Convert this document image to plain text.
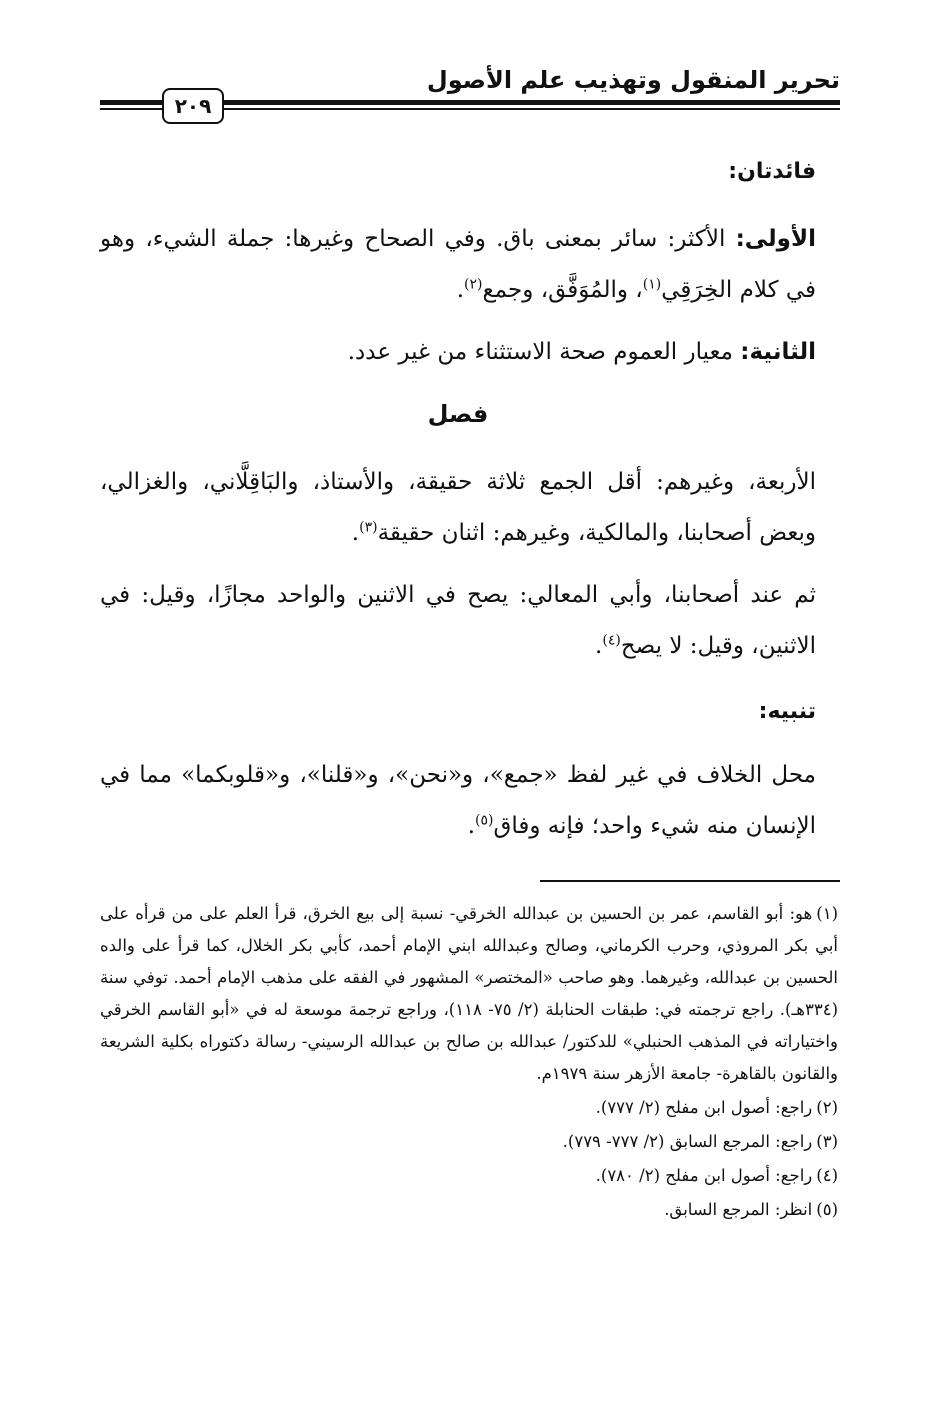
تحرير المنقول وتهذيب علم الأصول
٢٠٩
فائدتان:
الأولى: الأكثر: سائر بمعنى باق. وفي الصحاح وغيرها: جملة الشيء، وهو في كلام الخِرَقِي$^{(١)}$، والمُوَفَّق، وجمع$^{(٢)}$.
الثانية: معيار العموم صحة الاستثناء من غير عدد.
فصل
الأربعة، وغيرهم: أقل الجمع ثلاثة حقيقة، والأستاذ، والبَاقِلَّاني، والغزالي، وبعض أصحابنا، والمالكية، وغيرهم: اثنان حقيقة$^{(٣)}$.
ثم عند أصحابنا، وأبي المعالي: يصح في الاثنين والواحد مجازًا، وقيل: في الاثنين، وقيل: لا يصح$^{(٤)}$.
تنبيه:
محل الخلاف في غير لفظ «جمع»، و«نحن»، و«قلنا»، و«قلوبكما» مما في الإنسان منه شيء واحد؛ فإنه وفاق$^{(٥)}$.
(١)هو: أبو القاسم، عمر بن الحسين بن عبدالله الخرقي- نسبة إلى بيع الخرق، قرأ العلم على من قرأه على أبي بكر المروذي، وحرب الكرماني، وصالح وعبدالله ابني الإمام أحمد، كأبي بكر الخلال، كما قرأ على والده الحسين بن عبدالله، وغيرهما. وهو صاحب «المختصر» المشهور في الفقه على مذهب الإمام أحمد. توفي سنة (٣٣٤هـ). راجع ترجمته في: طبقات الحنابلة (٢/ ٧٥- ١١٨)، وراجع ترجمة موسعة له في «أبو القاسم الخرقي واختياراته في المذهب الحنبلي» للدكتور/ عبدالله بن صالح بن عبدالله الرسيني- رسالة دكتوراه بكلية الشريعة والقانون بالقاهرة- جامعة الأزهر سنة ١٩٧٩م.
(٢)راجع: أصول ابن مفلح (٢/ ٧٧٧).
(٣)راجع: المرجع السابق (٢/ ٧٧٧- ٧٧٩).
(٤)راجع: أصول ابن مفلح (٢/ ٧٨٠).
(٥)انظر: المرجع السابق.
